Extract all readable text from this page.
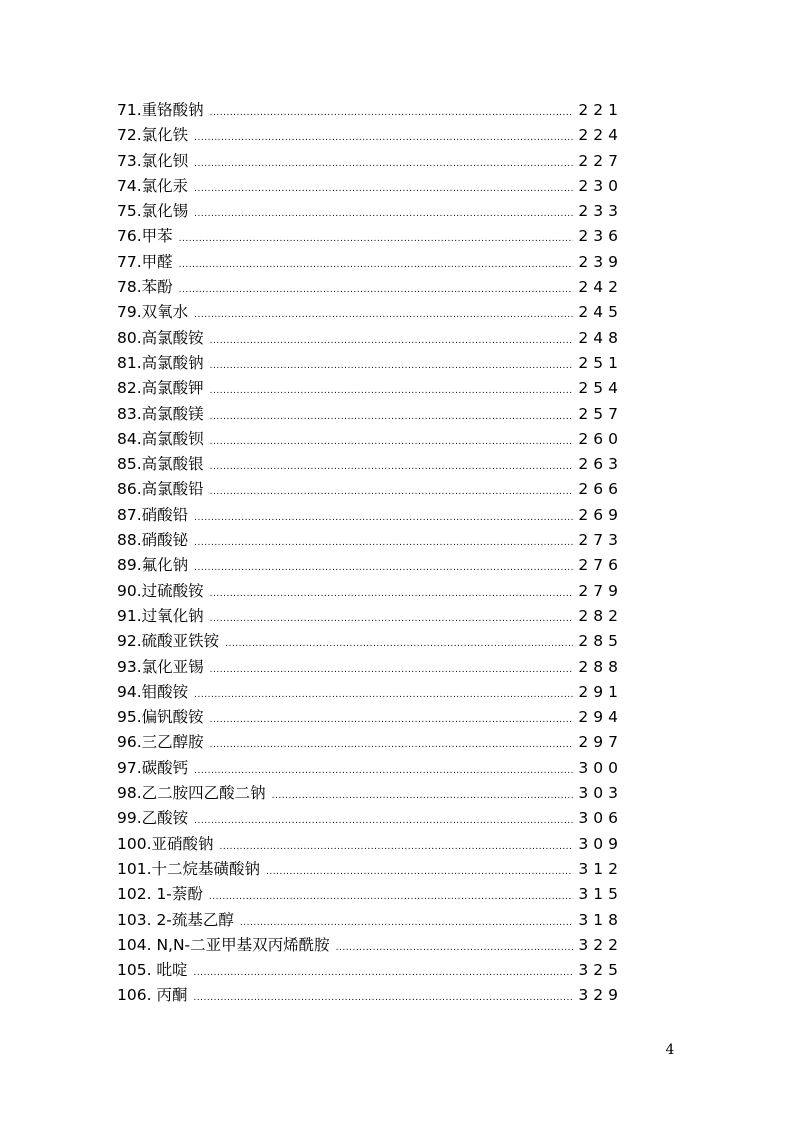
71.重铬酸钠 .....	221
72.氯化铁 .....	224
73.氯化钡 .....	227
74.氯化汞 .....	230
75.氯化锡 .....	233
76.甲苯 .....	236
77.甲醛 .....	239
78.苯酚 .....	242
79.双氧水 .....	245
80.高氯酸铵 .....	248
81.高氯酸钠 .....	251
82.高氯酸钾 .....	254
83.高氯酸镁 .....	257
84.高氯酸钡 .....	260
85.高氯酸银 .....	263
86.高氯酸铅 .....	266
87.硝酸铅 .....	269
88.硝酸铋 .....	273
89.氟化钠 .....	276
90.过硫酸铵 .....	279
91.过氧化钠 .....	282
92.硫酸亚铁铵 .....	285
93.氯化亚锡 .....	288
94.钼酸铵 .....	291
95.偏钒酸铵 .....	294
96.三乙醇胺 .....	297
97.碳酸钙 .....	300
98.乙二胺四乙酸二钠 .....	303
99.乙酸铵 .....	306
100.亚硝酸钠 .....	309
101.十二烷基磺酸钠 .....	312
102. 1-萘酚 .....	315
103. 2-巯基乙醇 .....	318
104. N,N-二亚甲基双丙烯酰胺 .....	322
105. 吡啶 .....	325
106. 丙酮 .....	329
4
